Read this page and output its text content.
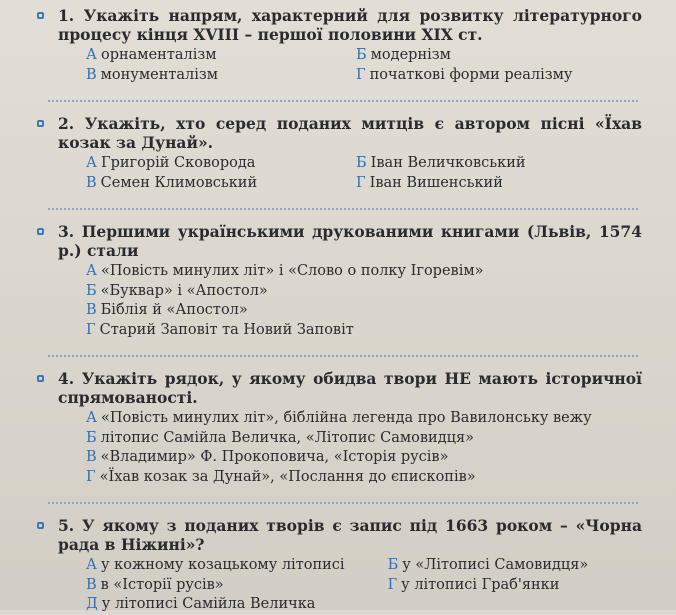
1. Укажіть напрям, характерний для розвитку літературного процесу кінця XVIII – першої половини XIX ст.

А орнаменталізм	Б модернізм
В монументалізм	Г початкові форми реалізму

2. Укажіть, хто серед поданих митців є автором пісні «Їхав козак за Дунай».

А Григорій Сковорода	Б Іван Величковський
В Семен Климовський	Г Іван Вишенський

3. Першими українськими друкованими книгами (Львів, 1574 р.) стали

А «Повість минулих літ» і «Слово о полку Ігоревім»
Б «Буквар» і «Апостол»
В Біблія й «Апостол»
Г Старий Заповіт та Новий Заповіт

4. Укажіть рядок, у якому обидва твори НЕ мають історичної спрямованості.

А «Повість минулих літ», біблійна легенда про Вавилонську вежу
Б літопис Самійла Величка, «Літопис Самовидця»
В «Владимир» Ф. Прокоповича, «Історія русів»
Г «Їхав козак за Дунай», «Послання до єпископів»

5. У якому з поданих творів є запис під 1663 роком – «Чорна рада в Ніжині»?

А у кожному козацькому літописі	Б у «Літописі Самовидця»
В в «Історії русів»	Г у літописі Граб'янки
Д у літописі Самійла Величка
